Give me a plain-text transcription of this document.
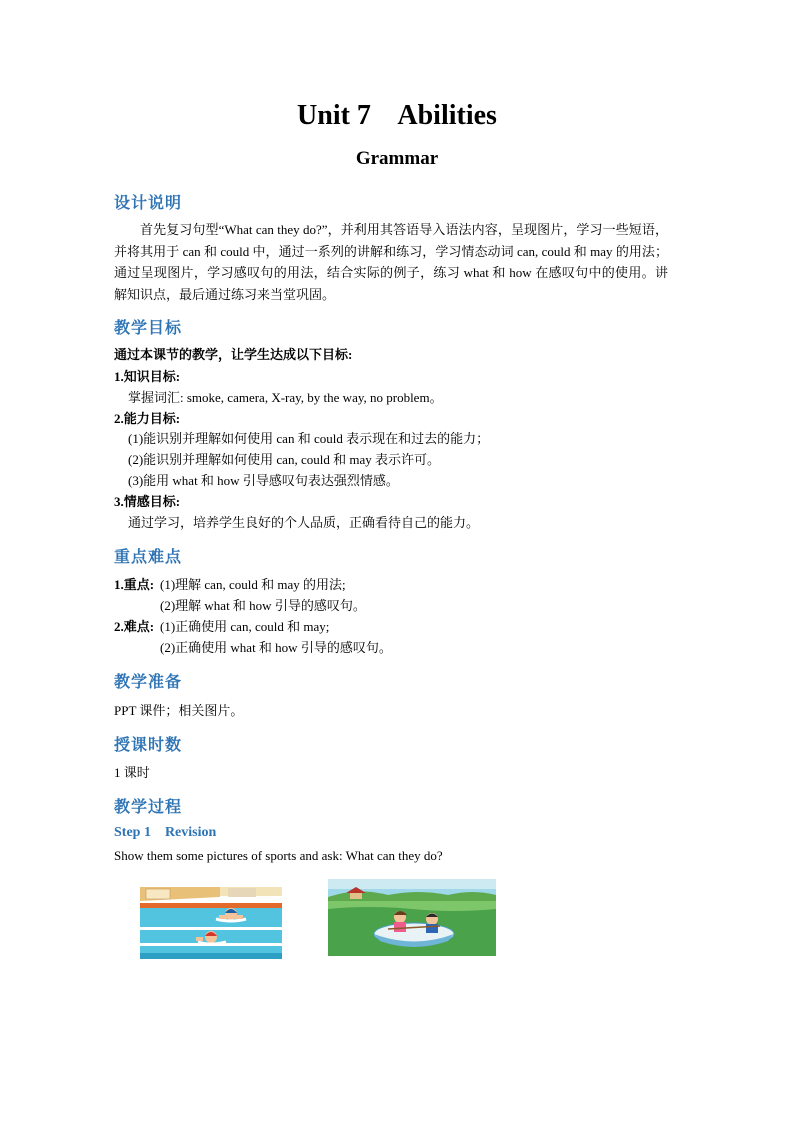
Unit 7    Abilities
Grammar
设计说明
首先复习句型“What can they do?”，并利用其答语导入语法内容，呈现图片，学习一些短语，并将其用于 can 和 could 中，通过一系列的讲解和练习，学习情态动词 can, could 和 may 的用法；通过呈现图片，学习感叹句的用法，结合实际的例子，练习 what 和 how 在感叹句中的使用。讲解知识点，最后通过练习来当堂巩固。
教学目标
通过本课节的教学，让学生达成以下目标:
1.知识目标:
掌握词汇: smoke, camera, X-ray, by the way, no problem。
2.能力目标:
(1)能识别并理解如何使用 can 和 could 表示现在和过去的能力；
(2)能识别并理解如何使用 can, could 和 may 表示许可。
(3)能用 what 和 how 引导感叹句表达强烈情感。
3.情感目标:
通过学习，培养学生良好的个人品质，正确看待自己的能力。
重点难点
1.重点: (1)理解 can, could 和 may 的用法;
(2)理解 what 和 how 引导的感叹句。
2.难点: (1)正确使用 can, could 和 may;
(2)正确使用 what 和 how 引导的感叹句。
教学准备
PPT 课件；相关图片。
授课时数
1 课时
教学过程
Step 1    Revision
Show them some pictures of sports and ask: What can they do?
